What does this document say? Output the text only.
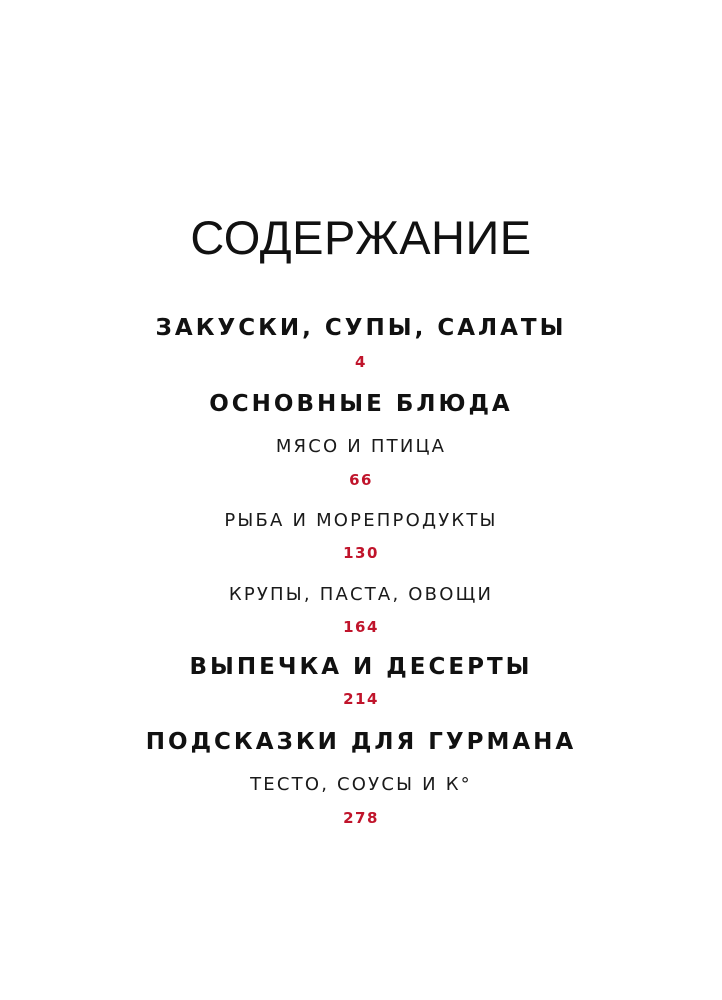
СОДЕРЖАНИЕ
ЗАКУСКИ, СУПЫ, САЛАТЫ
4
ОСНОВНЫЕ БЛЮДА
МЯСО И ПТИЦА
66
РЫБА И МОРЕПРОДУКТЫ
130
КРУПЫ, ПАСТА, ОВОЩИ
164
ВЫПЕЧКА И ДЕСЕРТЫ
214
ПОДСКАЗКИ ДЛЯ ГУРМАНА
ТЕСТО, СОУСЫ И К°
278
